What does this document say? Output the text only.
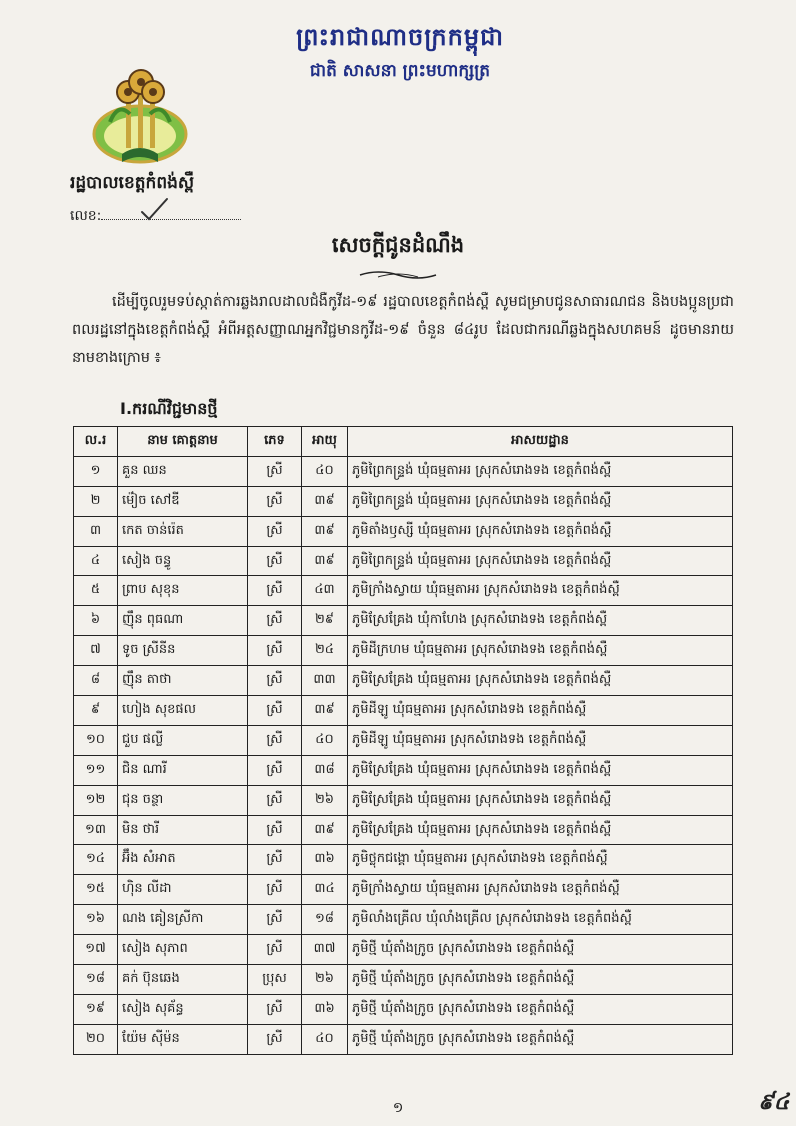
ព្រះរាជាណាចក្រកម្ពុជា
ជាតិ សាសនា ព្រះមហាក្សត្រ
រដ្ឋបាលខេត្តកំពង់ស្ពឺ
លេខ:
សេចក្តីជូនដំណឹង
ដើម្បីចូលរួមទប់ស្កាត់ការឆ្លងរាលដាលជំងឺកូវីដ-១៩ រដ្ឋបាលខេត្តកំពង់ស្ពឺ សូមជម្រាបជូនសាធារណជន និងបងប្អូនប្រជាពលរដ្ឋនៅក្នុងខេត្តកំពង់ស្ពឺ អំពីអត្តសញ្ញាណអ្នកវិជ្ជមានកូវីដ-១៩ ចំនួន ៨៤រូប ដែលជាករណីឆ្លងក្នុងសហគមន៍ ដូចមានរាយនាមខាងក្រោម ៖
I.ករណីវិជ្ជមានថ្មី
ល.រ	នាម គោត្តនាម	ភេទ	អាយុ	អាសយដ្ឋាន
១	គួន ឈន	ស្រី	៤០	ភូមិព្រៃកន្ទ្រង់ ឃុំធម្មតាអរ ស្រុកសំរោងទង ខេត្តកំពង់ស្ពឺ
២	ម៉ៀច សៅឌី	ស្រី	៣៩	ភូមិព្រៃកន្ទ្រង់ ឃុំធម្មតាអរ ស្រុកសំរោងទង ខេត្តកំពង់ស្ពឺ
៣	កេត ចាន់រ៉េត	ស្រី	៣៩	ភូមិតាំងឫស្សី ឃុំធម្មតាអរ ស្រុកសំរោងទង ខេត្តកំពង់ស្ពឺ
៤	សៀង ចន្ធូ	ស្រី	៣៩	ភូមិព្រៃកន្ទ្រង់ ឃុំធម្មតាអរ ស្រុកសំរោងទង ខេត្តកំពង់ស្ពឺ
៥	ព្រាប សុខុន	ស្រី	៤៣	ភូមិក្រាំងស្វាយ ឃុំធម្មតាអរ ស្រុកសំរោងទង ខេត្តកំពង់ស្ពឺ
៦	ញ៉ឹន ពុធណា	ស្រី	២៩	ភូមិស្រែគ្រែង ឃុំកាហែង ស្រុកសំរោងទង ខេត្តកំពង់ស្ពឺ
៧	ទូច ស្រីនីន	ស្រី	២៤	ភូមិដីក្រហម ឃុំធម្មតាអរ ស្រុកសំរោងទង ខេត្តកំពង់ស្ពឺ
៨	ញ៉ឹន តាថា	ស្រី	៣៣	ភូមិស្រែគ្រែង ឃុំធម្មតាអរ ស្រុកសំរោងទង ខេត្តកំពង់ស្ពឺ
៩	ហៀង សុខផល	ស្រី	៣៩	ភូមិដីឡូ ឃុំធម្មតាអរ ស្រុកសំរោងទង ខេត្តកំពង់ស្ពឺ
១០	ជួប ផល្លី	ស្រី	៤០	ភូមិដីឡូ ឃុំធម្មតាអរ ស្រុកសំរោងទង ខេត្តកំពង់ស្ពឺ
១១	ជិន ណារី	ស្រី	៣៨	ភូមិស្រែគ្រែង ឃុំធម្មតាអរ ស្រុកសំរោងទង ខេត្តកំពង់ស្ពឺ
១២	ជុន ចន្ថា	ស្រី	២៦	ភូមិស្រែគ្រែង ឃុំធម្មតាអរ ស្រុកសំរោងទង ខេត្តកំពង់ស្ពឺ
១៣	មិន ថារី	ស្រី	៣៩	ភូមិស្រែគ្រែង ឃុំធម្មតាអរ ស្រុកសំរោងទង ខេត្តកំពង់ស្ពឺ
១៤	អ៊ឹង សំអាត	ស្រី	៣៦	ភូមិថ្លុកជង្គោ ឃុំធម្មតាអរ ស្រុកសំរោងទង ខេត្តកំពង់ស្ពឺ
១៥	ហ៊ិន លីដា	ស្រី	៣៤	ភូមិក្រាំងស្វាយ ឃុំធម្មតាអរ ស្រុកសំរោងទង ខេត្តកំពង់ស្ពឺ
១៦	ណង គៀនស្រីកា	ស្រី	១៨	ភូមិលាំងគ្រើល ឃុំលាំងគ្រើល ស្រុកសំរោងទង ខេត្តកំពង់ស្ពឺ
១៧	សៀង សុភាព	ស្រី	៣៧	ភូមិថ្មី ឃុំតាំងក្រូច ស្រុកសំរោងទង ខេត្តកំពង់ស្ពឺ
១៨	គក់ ប៊ុនឆេង	ប្រុស	២៦	ភូមិថ្មី ឃុំតាំងក្រូច ស្រុកសំរោងទង ខេត្តកំពង់ស្ពឺ
១៩	សៀង សុគ័ន្ធ	ស្រី	៣៦	ភូមិថ្មី ឃុំតាំងក្រូច ស្រុកសំរោងទង ខេត្តកំពង់ស្ពឺ
២០	យ៉ែម ស៊ីម៉ន	ស្រី	៤០	ភូមិថ្មី ឃុំតាំងក្រូច ស្រុកសំរោងទង ខេត្តកំពង់ស្ពឺ
១	៩៤
